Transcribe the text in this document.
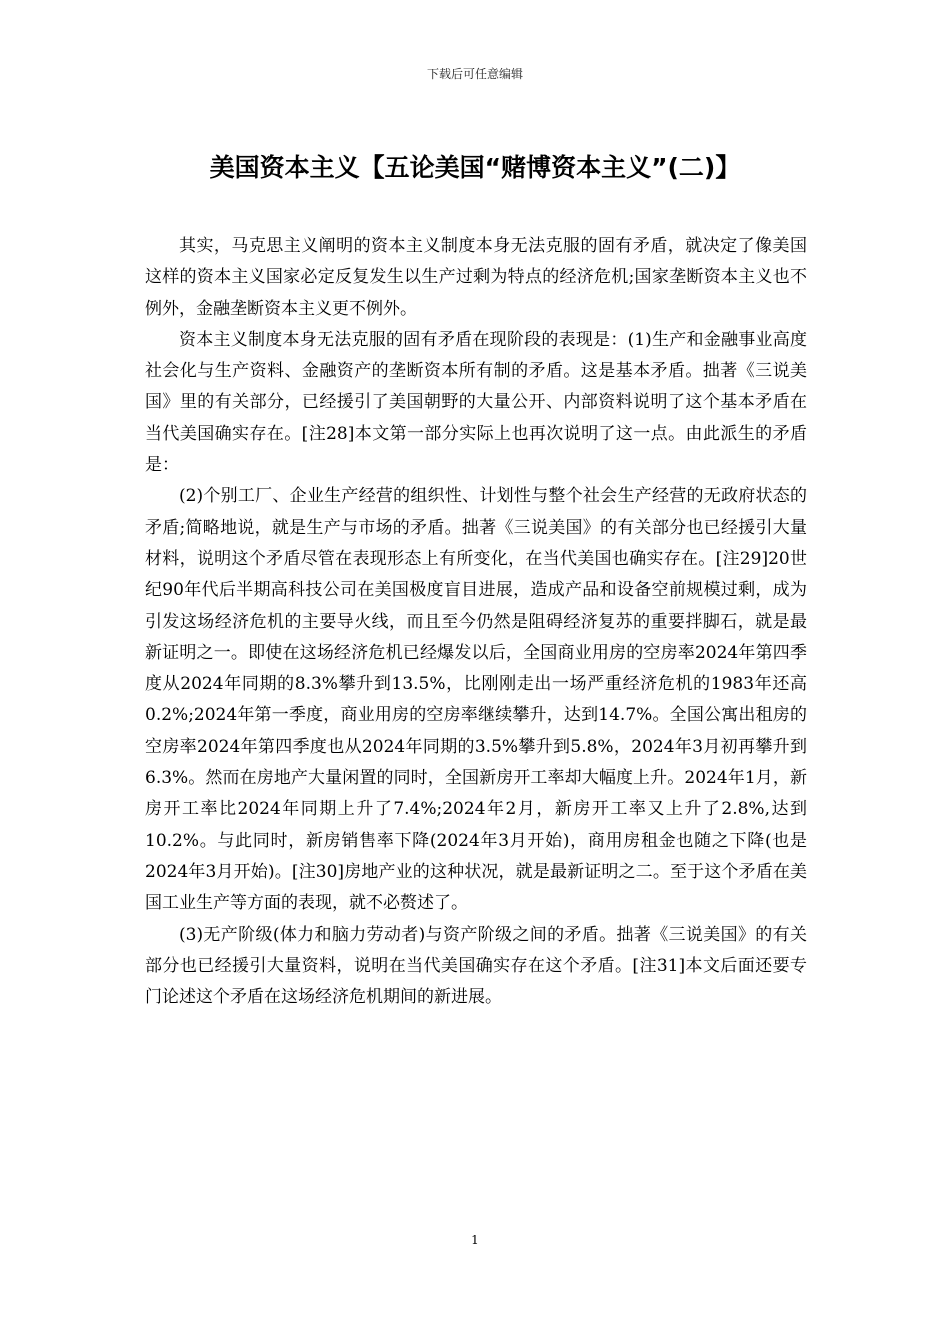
下载后可任意编辑
美国资本主义【五论美国“赌博资本主义”(二)】

其实，马克思主义阐明的资本主义制度本身无法克服的固有矛盾，就决定了像美国这样的资本主义国家必定反复发生以生产过剩为特点的经济危机;国家垄断资本主义也不例外，金融垄断资本主义更不例外。

资本主义制度本身无法克服的固有矛盾在现阶段的表现是：(1)生产和金融事业高度社会化与生产资料、金融资产的垄断资本所有制的矛盾。这是基本矛盾。拙著《三说美国》里的有关部分，已经援引了美国朝野的大量公开、内部资料说明了这个基本矛盾在当代美国确实存在。[注28]本文第一部分实际上也再次说明了这一点。由此派生的矛盾是：

(2)个别工厂、企业生产经营的组织性、计划性与整个社会生产经营的无政府状态的矛盾;简略地说，就是生产与市场的矛盾。拙著《三说美国》的有关部分也已经援引大量材料，说明这个矛盾尽管在表现形态上有所变化，在当代美国也确实存在。[注29]20世纪90年代后半期高科技公司在美国极度盲目进展，造成产品和设备空前规模过剩，成为引发这场经济危机的主要导火线，而且至今仍然是阻碍经济复苏的重要拌脚石，就是最新证明之一。即使在这场经济危机已经爆发以后，全国商业用房的空房率2024年第四季度从2024年同期的8.3%攀升到13.5%，比刚刚走出一场严重经济危机的1983年还高0.2%;2024年第一季度，商业用房的空房率继续攀升，达到14.7%。全国公寓出租房的空房率2024年第四季度也从2024年同期的3.5%攀升到5.8%，2024年3月初再攀升到6.3%。然而在房地产大量闲置的同时，全国新房开工率却大幅度上升。2024年1月，新房开工率比2024年同期上升了7.4%;2024年2月，新房开工率又上升了2.8%,达到10.2%。与此同时，新房销售率下降(2024年3月开始)，商用房租金也随之下降(也是2024年3月开始)。[注30]房地产业的这种状况，就是最新证明之二。至于这个矛盾在美国工业生产等方面的表现，就不必赘述了。

(3)无产阶级(体力和脑力劳动者)与资产阶级之间的矛盾。拙著《三说美国》的有关部分也已经援引大量资料，说明在当代美国确实存在这个矛盾。[注31]本文后面还要专门论述这个矛盾在这场经济危机期间的新进展。

1
